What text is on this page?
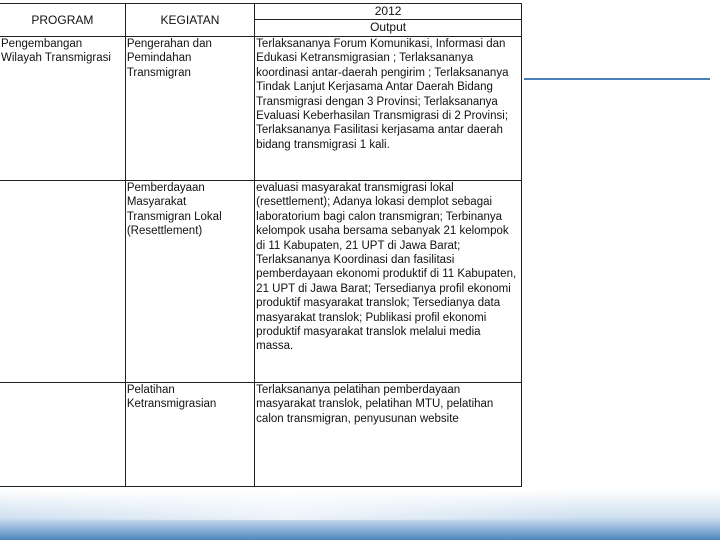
PROGRAM	KEGIATAN	2012
		Output
Pengembangan Wilayah Transmigrasi	Pengerahan dan Pemindahan Transmigran	Terlaksananya Forum Komunikasi, Informasi dan Edukasi Ketransmigrasian ; Terlaksananya koordinasi antar-daerah pengirim ; Terlaksananya Tindak Lanjut Kerjasama Antar Daerah Bidang Transmigrasi dengan 3 Provinsi; Terlaksananya Evaluasi Keberhasilan Transmigrasi di 2 Provinsi; Terlaksananya Fasilitasi kerjasama antar daerah bidang transmigrasi 1 kali.
	Pemberdayaan Masyarakat Transmigran Lokal (Resettlement)	evaluasi masyarakat transmigrasi lokal (resettlement); Adanya lokasi demplot sebagai laboratorium bagi calon transmigran; Terbinanya kelompok usaha bersama sebanyak 21 kelompok di 11 Kabupaten, 21 UPT di Jawa Barat; Terlaksananya Koordinasi dan fasilitasi pemberdayaan ekonomi produktif di 11 Kabupaten, 21 UPT di Jawa Barat; Tersedianya profil ekonomi produktif masyarakat translok; Tersedianya data masyarakat translok; Publikasi profil ekonomi produktif masyarakat translok melalui media massa.
	Pelatihan Ketransmigrasian	Terlaksananya pelatihan pemberdayaan masyarakat translok, pelatihan MTU, pelatihan calon transmigran, penyusunan website
